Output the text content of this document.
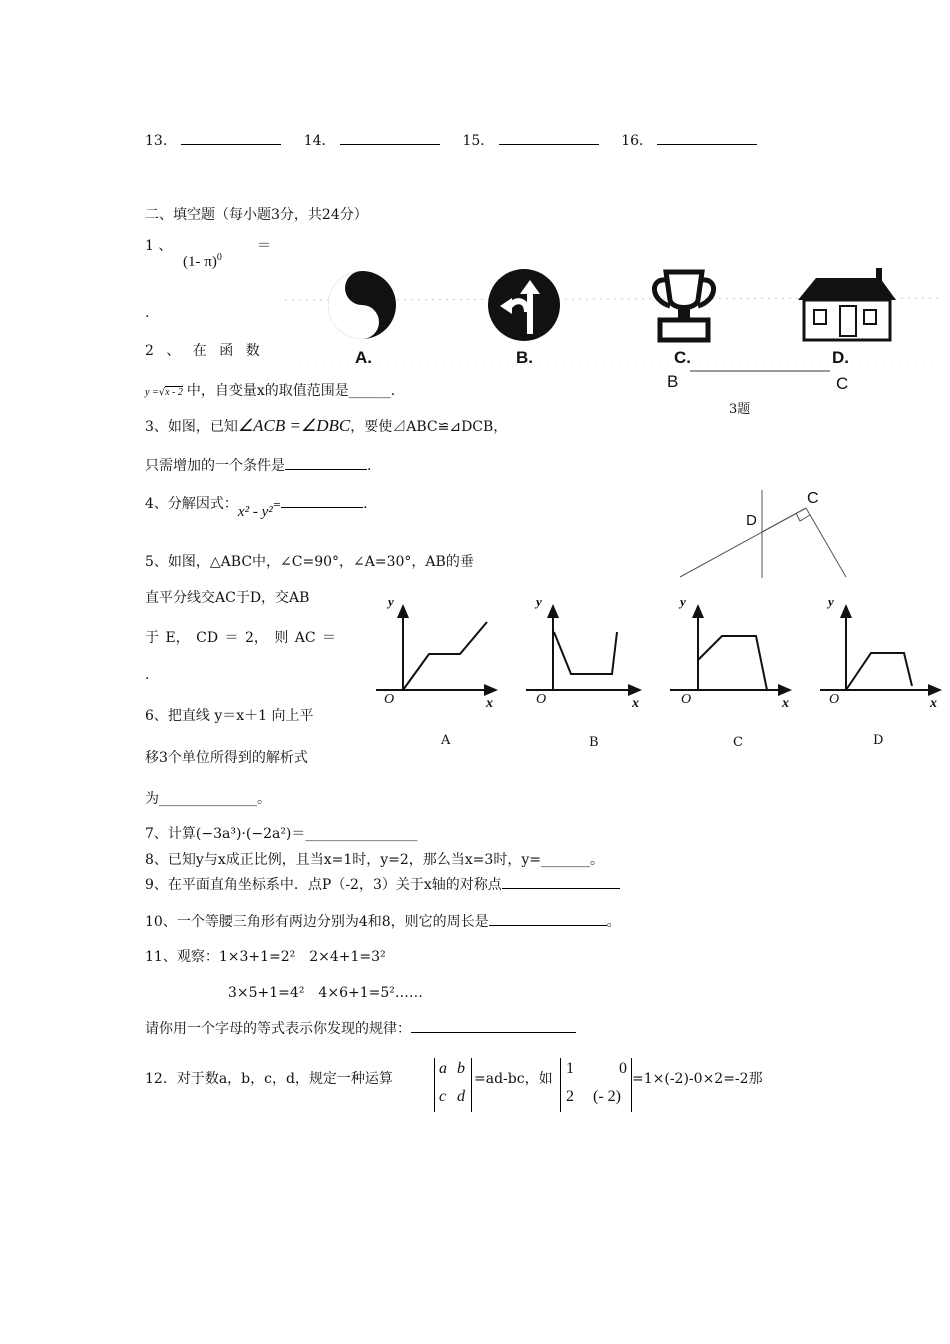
13．	14．	15．	16．
二、填空题（每小题3分，共24分）
1 、
(1- π)$^0$
＝
.
A.	B.	C.	D.
B	C
3题
2 、 在 函 数
y =√x - 2 中，自变量x的取值范围是______.
3、如图，已知∠ACB =∠DBC，要使⊿ABC≌⊿DCB，
只需增加的一个条件是	.
4、分解因式：x² - y²=	.	C
D
5、如图，△ABC中，∠C=90°，∠A=30°，AB的垂
直平分线交AC于D，交AB
于 E， CD ＝ 2， 则 AC ＝
.
6、把直线 y＝x＋1 向上平
移3个单位所得到的解析式
为______________。
y
O	x
A
y
O	x
B
y
O	x
C
y
O	x
D
7、计算(−3a³)·(−2a²)＝________________
8、已知y与x成正比例，且当x=1时，y=2，那么当x=3时，y=_______。
9、在平面直角坐标系中．点P（-2，3）关于x轴的对称点
10、一个等腰三角形有两边分别为4和8，则它的周长是	。
11、观察：1×3+1=2²　2×4+1=3²
3×5+1=4²　4×6+1=5²……
请你用一个字母的等式表示你发现的规律：
12．对于数a，b，c，d，规定一种运算
a b
c d
=ad-bc，如
1	0
2 (- 2)
=1×(-2)-0×2=-2那
